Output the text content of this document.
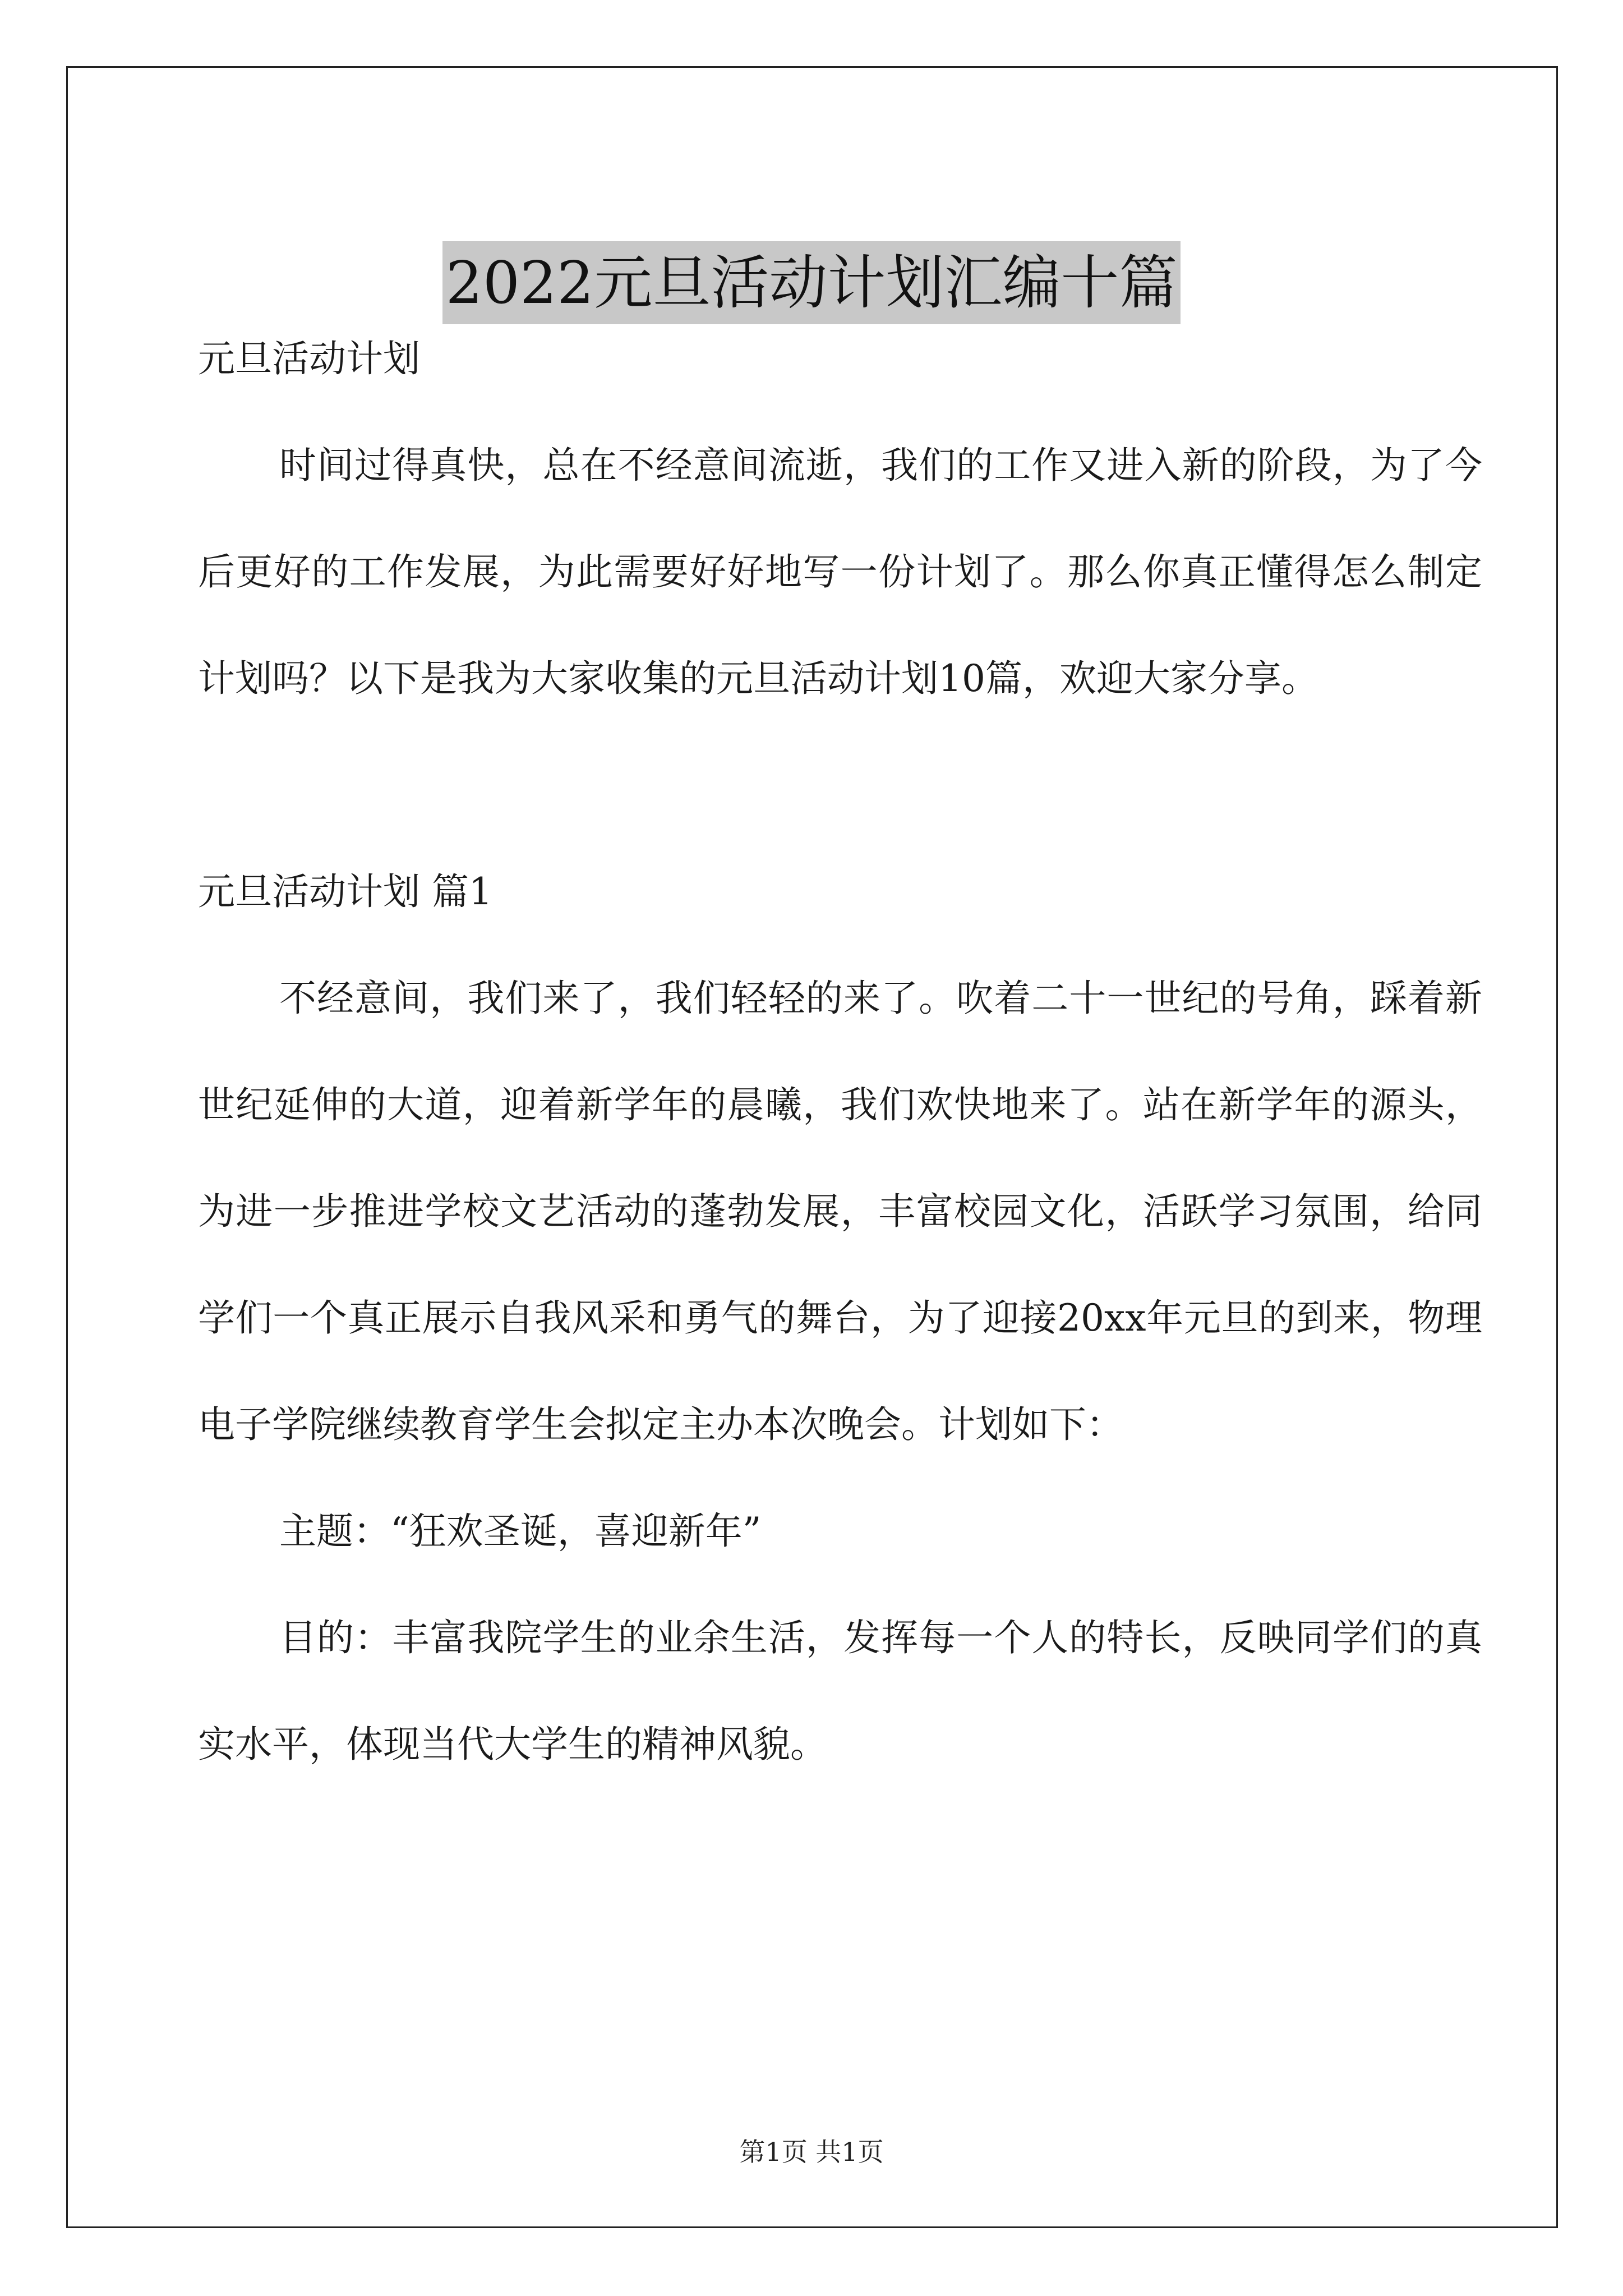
2022元旦活动计划汇编十篇

元旦活动计划

时间过得真快，总在不经意间流逝，我们的工作又进入新的阶段，为了今后更好的工作发展，为此需要好好地写一份计划了。那么你真正懂得怎么制定计划吗？以下是我为大家收集的元旦活动计划10篇，欢迎大家分享。

元旦活动计划 篇1

不经意间，我们来了，我们轻轻的来了。吹着二十一世纪的号角，踩着新世纪延伸的大道，迎着新学年的晨曦，我们欢快地来了。站在新学年的源头，为进一步推进学校文艺活动的蓬勃发展，丰富校园文化，活跃学习氛围，给同学们一个真正展示自我风采和勇气的舞台，为了迎接20xx年元旦的到来，物理电子学院继续教育学生会拟定主办本次晚会。计划如下：

主题：“狂欢圣诞，喜迎新年”

目的：丰富我院学生的业余生活，发挥每一个人的特长，反映同学们的真实水平，体现当代大学生的精神风貌。

第1页 共1页
